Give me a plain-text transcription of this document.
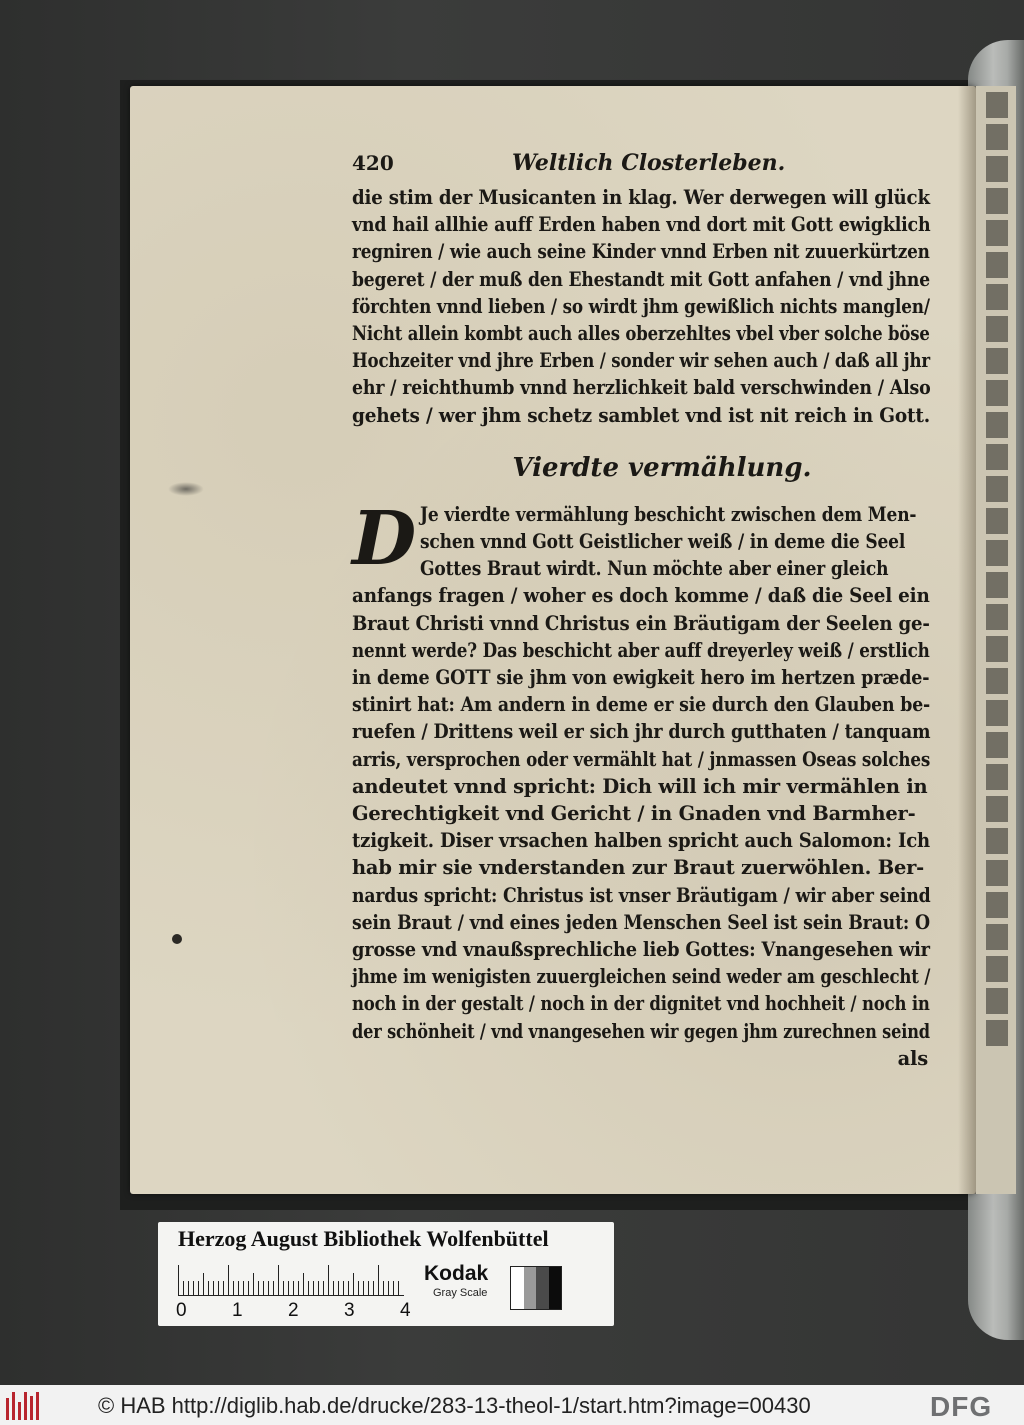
420	Weltlich Closterleben.
die stim der Musicanten in klag. Wer derwegen will glück
vnd hail allhie auff Erden haben vnd dort mit Gott ewigklich
regniren / wie auch seine Kinder vnnd Erben nit zuuerkürtzen
begeret / der muß den Ehestandt mit Gott anfahen / vnd jhne
förchten vnnd lieben / so wirdt jhm gewißlich nichts manglen/
Nicht allein kombt auch alles oberzehltes vbel vber solche böse
Hochzeiter vnd jhre Erben / sonder wir sehen auch / daß all jhr
ehr / reichthumb vnnd herzlichkeit bald verschwinden / Also
gehets / wer jhm schetz samblet vnd ist nit reich in Gott.
Vierdte vermählung.
D Je vierdte vermählung beschicht zwischen dem Men-
schen vnnd Gott Geistlicher weiß / in deme die Seel
Gottes Braut wirdt. Nun möchte aber einer gleich
anfangs fragen / woher es doch komme / daß die Seel ein
Braut Christi vnnd Christus ein Bräutigam der Seelen ge-
nennt werde? Das beschicht aber auff dreyerley weiß / erstlich
in deme GOTT sie jhm von ewigkeit hero im hertzen præde-
stinirt hat: Am andern in deme er sie durch den Glauben be-
ruefen / Drittens weil er sich jhr durch gutthaten / tanquam
arris, versprochen oder vermählt hat / jnmassen Oseas solches
andeutet vnnd spricht: Dich will ich mir vermählen in
Gerechtigkeit vnd Gericht / in Gnaden vnd Barmher-
tzigkeit. Diser vrsachen halben spricht auch Salomon: Ich
hab mir sie vnderstanden zur Braut zuerwöhlen. Ber-
nardus spricht: Christus ist vnser Bräutigam / wir aber seind
sein Braut / vnd eines jeden Menschen Seel ist sein Braut: O
grosse vnd vnaußsprechliche lieb Gottes: Vnangesehen wir
jhme im wenigisten zuuergleichen seind weder am geschlecht /
noch in der gestalt / noch in der dignitet vnd hochheit / noch in
der schönheit / vnd vnangesehen wir gegen jhm zurechnen seind
als
Herzog August Bibliothek Wolfenbüttel
0 1 2 3 4
Kodak
Gray Scale
© HAB http://diglib.hab.de/drucke/283-13-theol-1/start.htm?image=00430	DFG
